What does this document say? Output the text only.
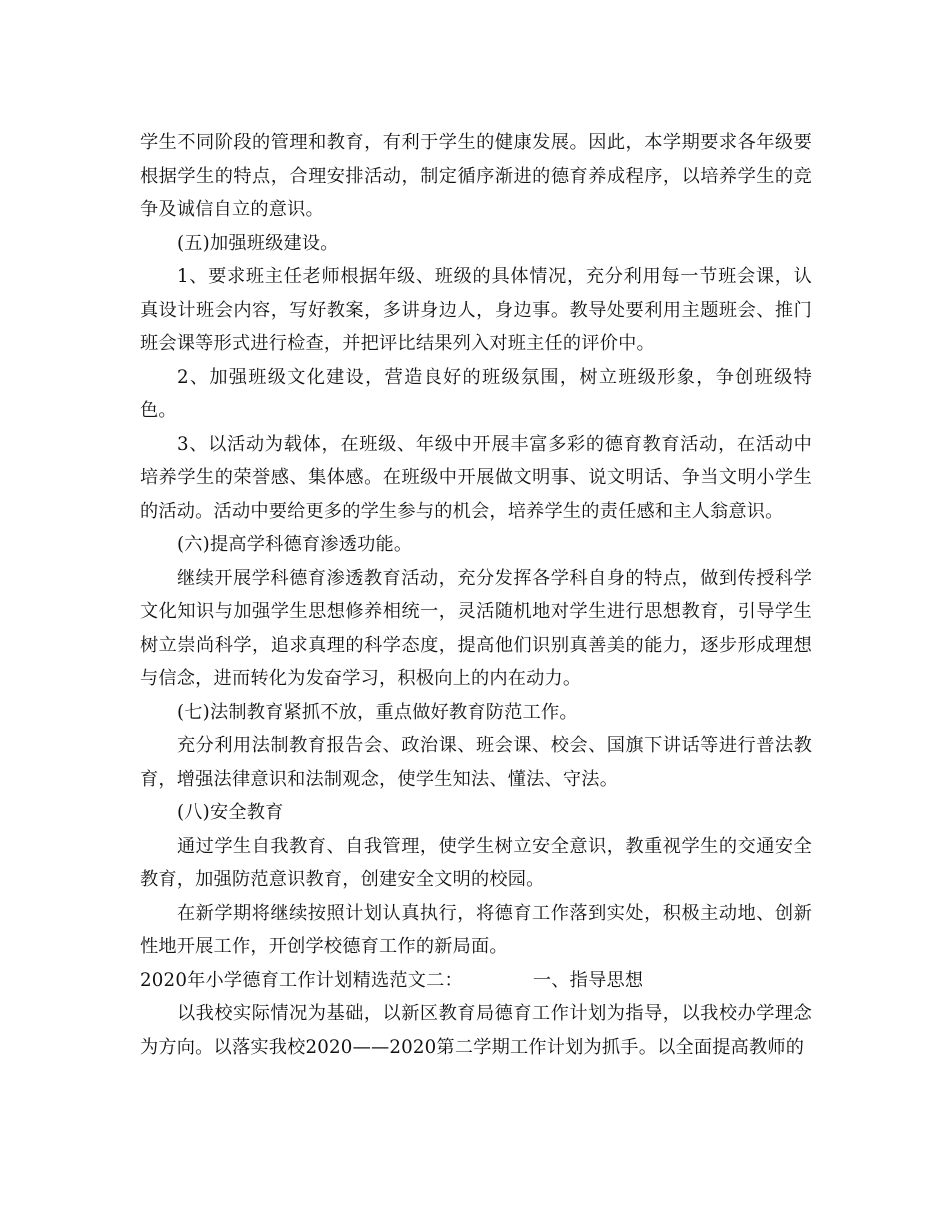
学生不同阶段的管理和教育，有利于学生的健康发展。因此，本学期要求各年级要根据学生的特点，合理安排活动，制定循序渐进的德育养成程序，以培养学生的竞争及诚信自立的意识。

(五)加强班级建设。

1、要求班主任老师根据年级、班级的具体情况，充分利用每一节班会课，认真设计班会内容，写好教案，多讲身边人，身边事。教导处要利用主题班会、推门班会课等形式进行检查，并把评比结果列入对班主任的评价中。

2、加强班级文化建设，营造良好的班级氛围，树立班级形象，争创班级特色。

3、以活动为载体，在班级、年级中开展丰富多彩的德育教育活动，在活动中培养学生的荣誉感、集体感。在班级中开展做文明事、说文明话、争当文明小学生的活动。活动中要给更多的学生参与的机会，培养学生的责任感和主人翁意识。

(六)提高学科德育渗透功能。

继续开展学科德育渗透教育活动，充分发挥各学科自身的特点，做到传授科学文化知识与加强学生思想修养相统一，灵活随机地对学生进行思想教育，引导学生树立崇尚科学，追求真理的科学态度，提高他们识别真善美的能力，逐步形成理想与信念，进而转化为发奋学习，积极向上的内在动力。

(七)法制教育紧抓不放，重点做好教育防范工作。

充分利用法制教育报告会、政治课、班会课、校会、国旗下讲话等进行普法教育，增强法律意识和法制观念，使学生知法、懂法、守法。

(八)安全教育

通过学生自我教育、自我管理，使学生树立安全意识，教重视学生的交通安全教育，加强防范意识教育，创建安全文明的校园。

在新学期将继续按照计划认真执行，将德育工作落到实处，积极主动地、创新性地开展工作，开创学校德育工作的新局面。

2020年小学德育工作计划精选范文二：	一、指导思想

以我校实际情况为基础，以新区教育局德育工作计划为指导，以我校办学理念为方向。以落实我校2020——2020第二学期工作计划为抓手。以全面提高教师的
